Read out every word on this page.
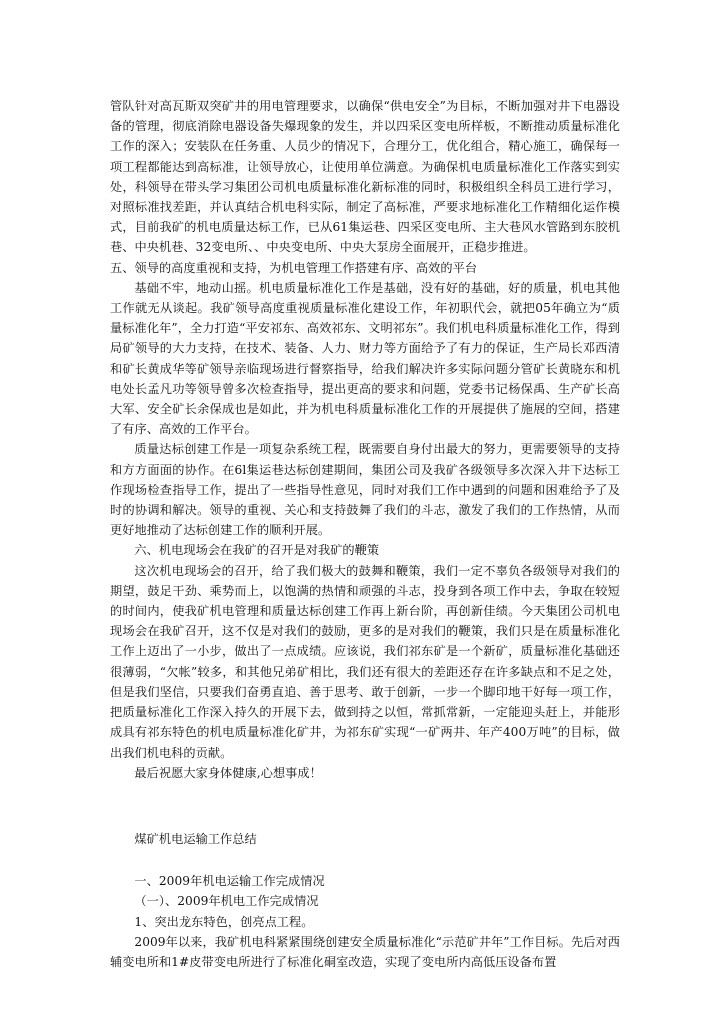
管队针对高瓦斯双突矿井的用电管理要求，以确保“供电安全”为目标，不断加强对井下电器设备的管理，彻底消除电器设备失爆现象的发生，并以四采区变电所样板，不断推动质量标准化工作的深入；安装队在任务重、人员少的情况下，合理分工，优化组合，精心施工，确保每一项工程都能达到高标准，让领导放心，让使用单位满意。为确保机电质量标准化工作落实到实处，科领导在带头学习集团公司机电质量标准化新标准的同时，积极组织全科员工进行学习，对照标准找差距，并认真结合机电科实际，制定了高标准，严要求地标准化工作精细化运作模式，目前我矿的机电质量达标工作，已从61集运巷、四采区变电所、主大巷风水管路到东胶机巷、中央机巷、32变电所、、中央变电所、中央大泵房全面展开，正稳步推进。

五、领导的高度重视和支持，为机电管理工作搭建有序、高效的平台

基础不牢，地动山摇。机电质量标准化工作是基础，没有好的基础，好的质量，机电其他工作就无从谈起。我矿领导高度重视质量标准化建设工作，年初职代会，就把05年确立为“质量标准化年”，全力打造“平安祁东、高效祁东、文明祁东”。我们机电科质量标准化工作，得到局矿领导的大力支持，在技术、装备、人力、财力等方面给予了有力的保证，生产局长邓西清和矿长黄成华等矿领导亲临现场进行督察指导，给我们解决许多实际问题分管矿长黄晓东和机电处长孟凡功等领导曾多次检查指导，提出更高的要求和问题，党委书记杨保禹、生产矿长高大军、安全矿长余保成也是如此，并为机电科质量标准化工作的开展提供了施展的空间，搭建了有序、高效的工作平台。

质量达标创建工作是一项复杂系统工程，既需要自身付出最大的努力，更需要领导的支持和方方面面的协作。在6l集运巷达标创建期间，集团公司及我矿各级领导多次深入井下达标工作现场检查指导工作，提出了一些指导性意见，同时对我们工作中遇到的问题和困难给予了及时的协调和解决。领导的重视、关心和支持鼓舞了我们的斗志，激发了我们的工作热情，从而更好地推动了达标创建工作的顺利开展。

六、机电现场会在我矿的召开是对我矿的鞭策

这次机电现场会的召开，给了我们极大的鼓舞和鞭策，我们一定不辜负各级领导对我们的期望，鼓足干劲、乘势而上，以饱满的热情和顽强的斗志，投身到各项工作中去，争取在较短的时间内，使我矿机电管理和质量达标创建工作再上新台阶，再创新佳绩。今天集团公司机电现场会在我矿召开，这不仅是对我们的鼓励，更多的是对我们的鞭策，我们只是在质量标准化工作上迈出了一小步，做出了一点成绩。应该说，我们祁东矿是一个新矿，质量标准化基础还很薄弱，“欠帐”较多，和其他兄弟矿相比，我们还有很大的差距还存在许多缺点和不足之处，但是我们坚信，只要我们奋勇直追、善于思考、敢于创新，一步一个脚印地干好每一项工作，把质量标准化工作深入持久的开展下去，做到持之以恒，常抓常新，一定能迎头赶上，并能形成具有祁东特色的机电质量标准化矿井，为祁东矿实现“一矿两井、年产400万吨”的目标，做出我们机电科的贡献。

最后祝愿大家身体健康,心想事成！

煤矿机电运输工作总结

一、2009年机电运输工作完成情况

（一）、2009年机电工作完成情况

1、突出龙东特色，创亮点工程。

2009年以来，我矿机电科紧紧围绕创建安全质量标准化“示范矿井年”工作目标。先后对西辅变电所和1#皮带变电所进行了标准化硐室改造，实现了变电所内高低压设备布置
